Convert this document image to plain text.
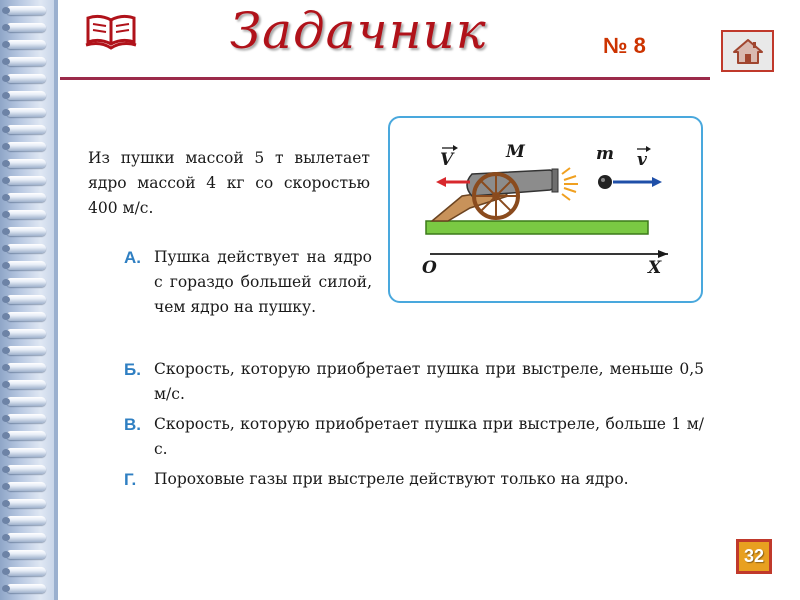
Задачник	№ 8
Из пушки массой 5 т вылетает ядро массой 4 кг со скоростью 400 м/с.
А. Пушка действует на ядро с гораздо большей силой, чем ядро на пушку.
Б. Скорость, которую приобретает пушка при выстреле, меньше 0,5 м/с.
В. Скорость, которую приобретает пушка при выстреле, больше 1 м/с.
Г. Пороховые газы при выстреле действуют только на ядро.
V	M	m v
O	X
32
